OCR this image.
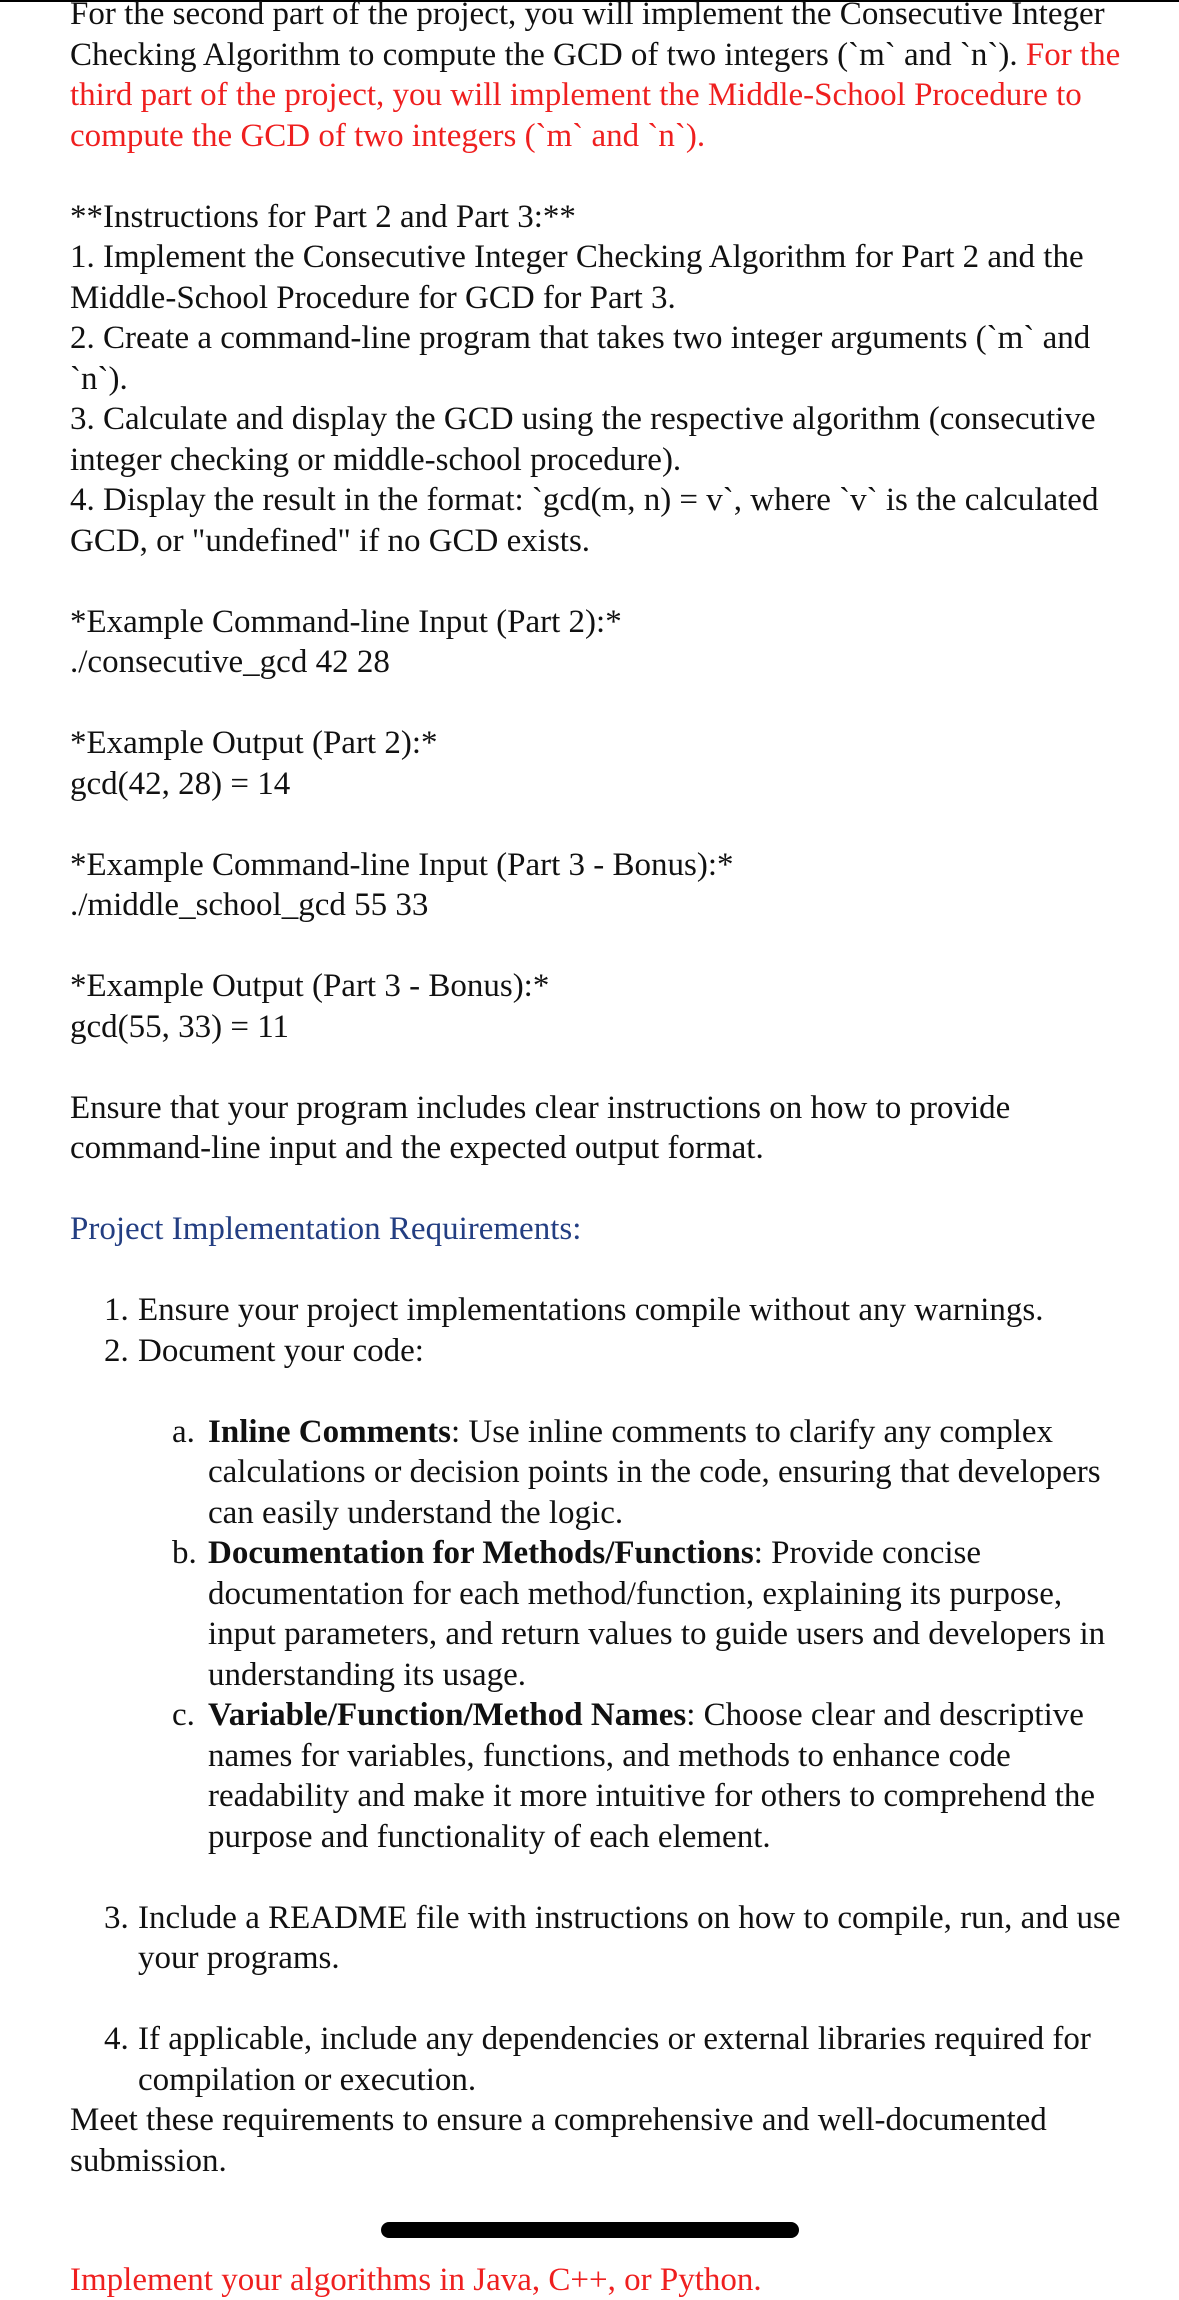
For the second part of the project, you will implement the Consecutive Integer Checking Algorithm to compute the GCD of two integers (`m` and `n`). For the third part of the project, you will implement the Middle-School Procedure to compute the GCD of two integers (`m` and `n`).

**Instructions for Part 2 and Part 3:**

1. Implement the Consecutive Integer Checking Algorithm for Part 2 and the Middle-School Procedure for GCD for Part 3.

2. Create a command-line program that takes two integer arguments (`m` and `n`).

3. Calculate and display the GCD using the respective algorithm (consecutive integer checking or middle-school procedure).

4. Display the result in the format: `gcd(m, n) = v`, where `v` is the calculated GCD, or "undefined" if no GCD exists.

*Example Command-line Input (Part 2):*

./consecutive_gcd 42 28

*Example Output (Part 2):*

gcd(42, 28) = 14

*Example Command-line Input (Part 3 - Bonus):*

./middle_school_gcd 55 33

*Example Output (Part 3 - Bonus):*

gcd(55, 33) = 11

Ensure that your program includes clear instructions on how to provide command-line input and the expected output format.

Project Implementation Requirements:

1. Ensure your project implementations compile without any warnings.
2. Document your code:
a. Inline Comments: Use inline comments to clarify any complex calculations or decision points in the code, ensuring that developers can easily understand the logic.
b. Documentation for Methods/Functions: Provide concise documentation for each method/function, explaining its purpose, input parameters, and return values to guide users and developers in understanding its usage.
c. Variable/Function/Method Names: Choose clear and descriptive names for variables, functions, and methods to enhance code readability and make it more intuitive for others to comprehend the purpose and functionality of each element.
3. Include a README file with instructions on how to compile, run, and use your programs.
4. If applicable, include any dependencies or external libraries required for compilation or execution.

Meet these requirements to ensure a comprehensive and well-documented submission.

Implement your algorithms in Java, C++, or Python.
